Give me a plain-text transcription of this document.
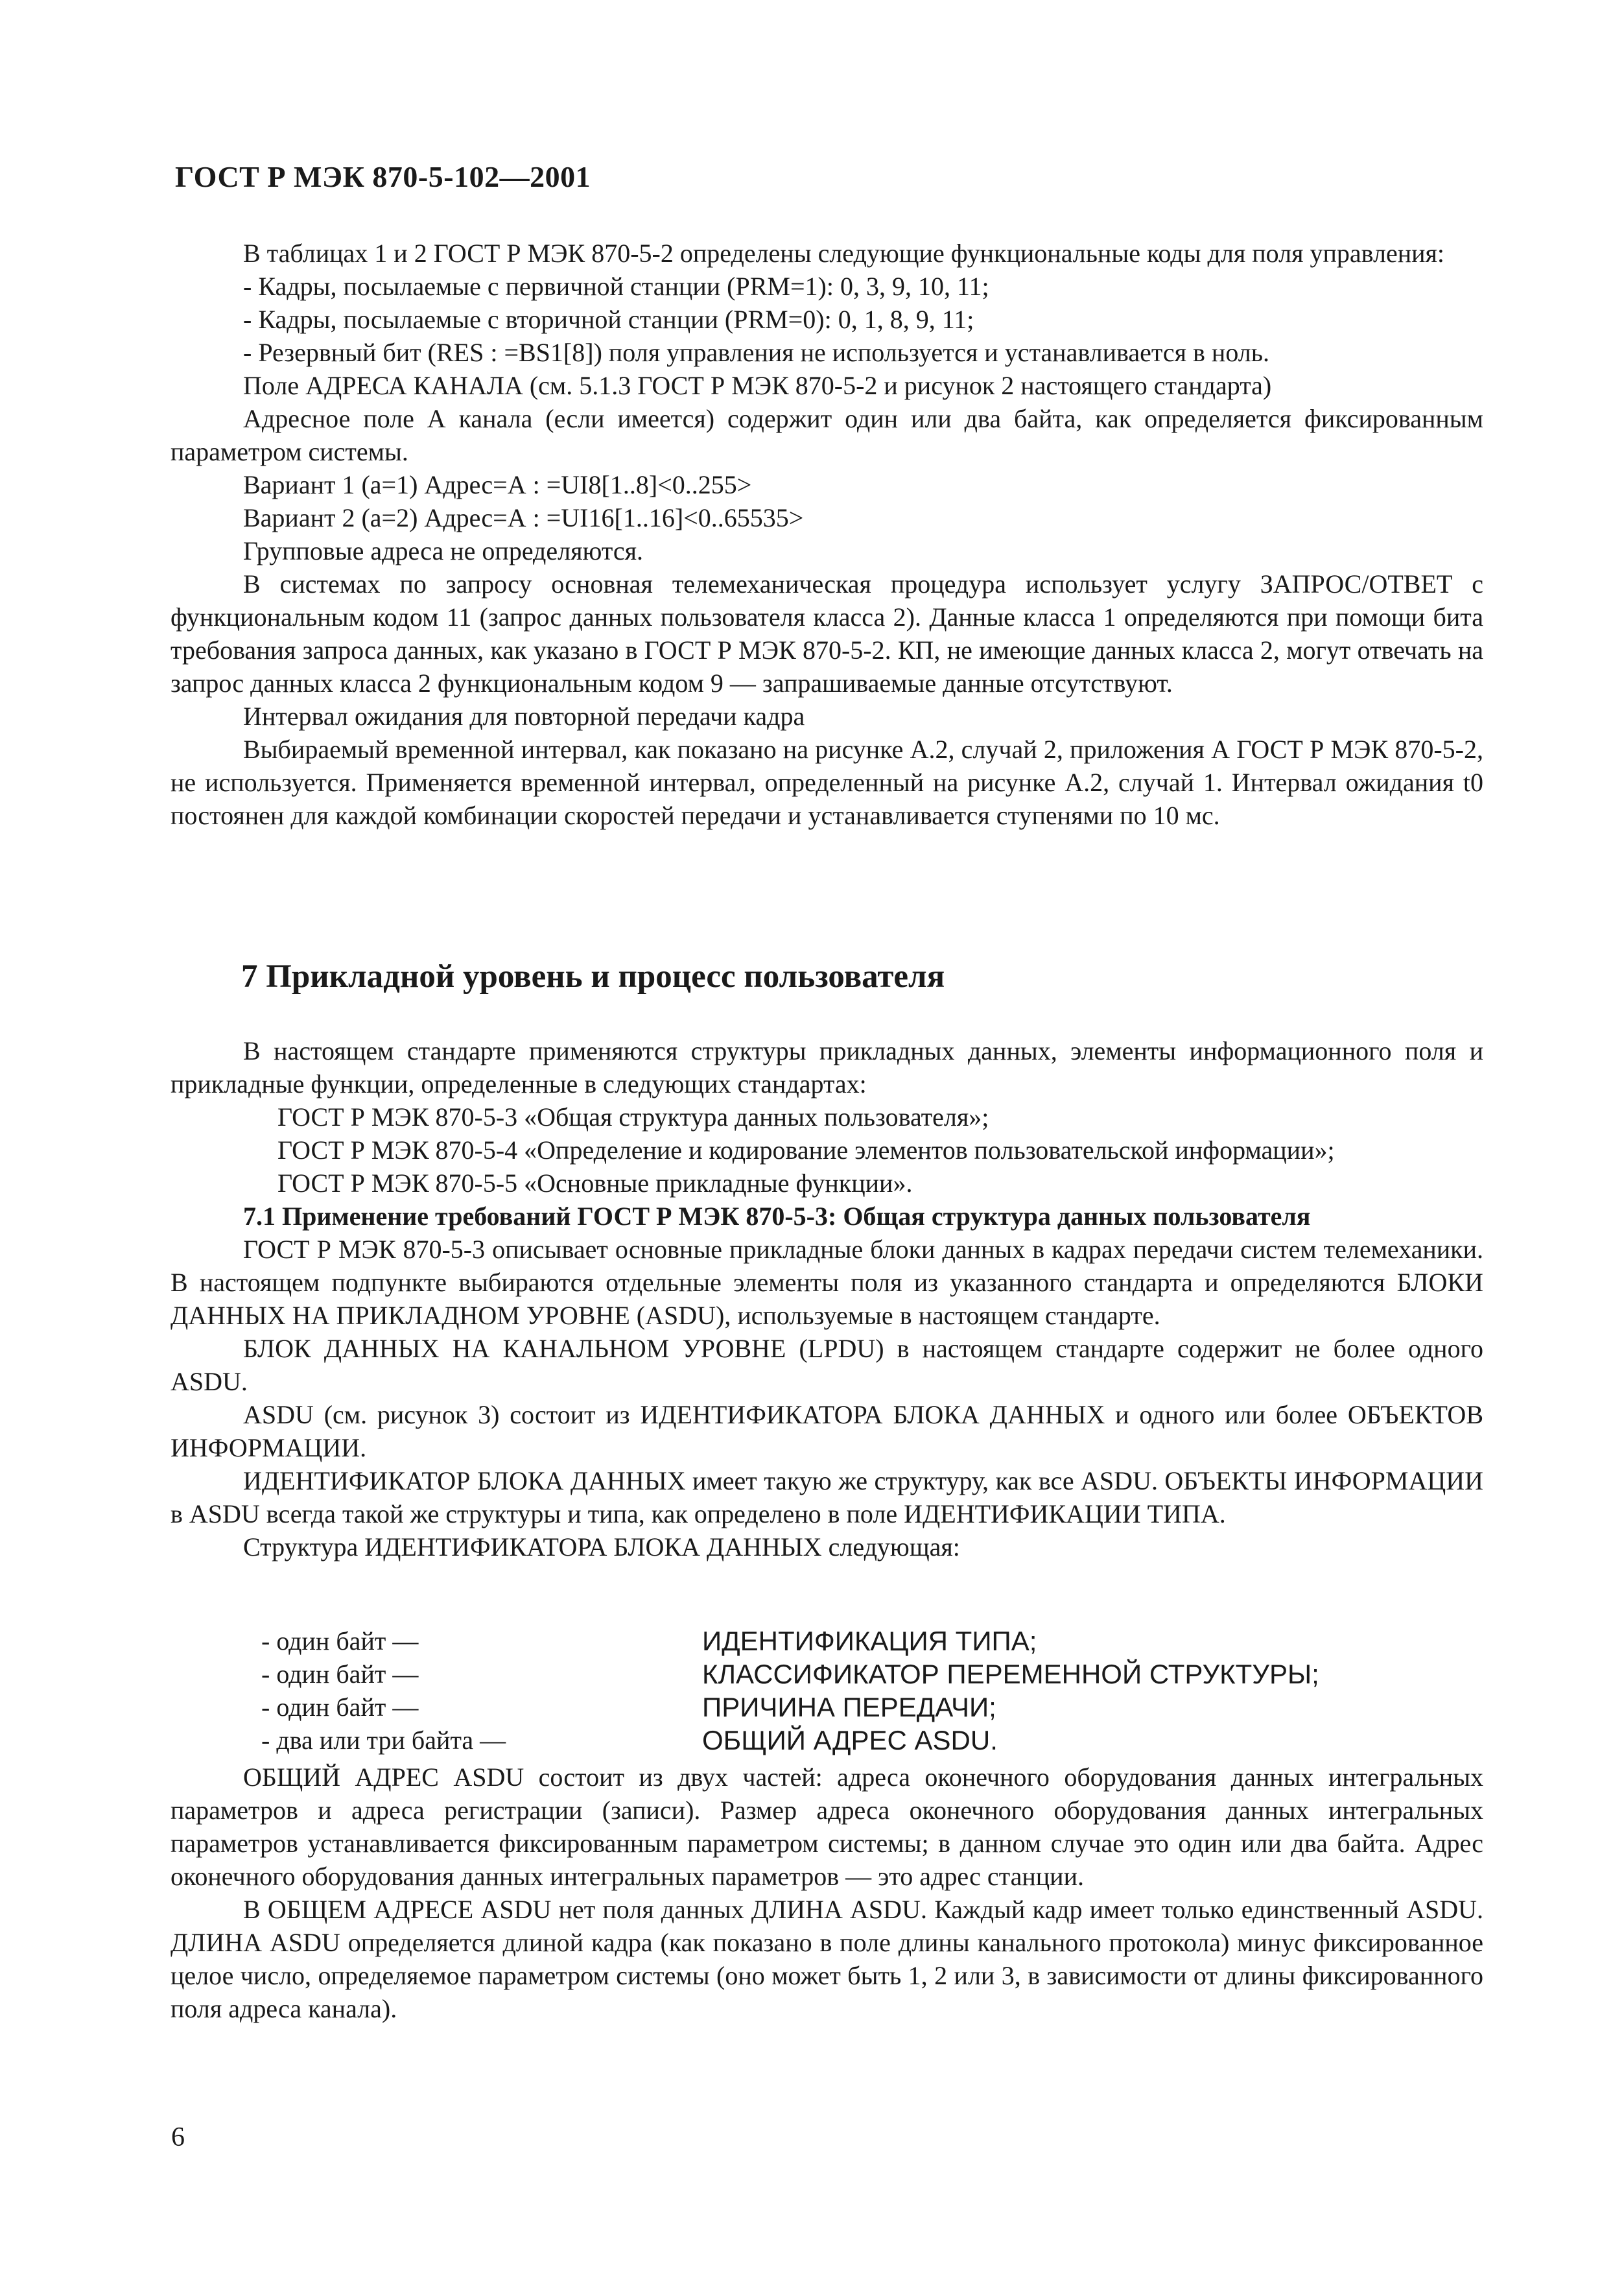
ГОСТ Р МЭК 870-5-102—2001

В таблицах 1 и 2 ГОСТ Р МЭК 870-5-2 определены следующие функциональные коды для поля управления:

- Кадры, посылаемые с первичной станции (PRM=1): 0, 3, 9, 10, 11;

- Кадры, посылаемые с вторичной станции (PRM=0): 0, 1, 8, 9, 11;

- Резервный бит (RES : =BS1[8]) поля управления не используется и устанавливается в ноль.

Поле АДРЕСА КАНАЛА (см. 5.1.3 ГОСТ Р МЭК 870-5-2 и рисунок 2 настоящего стандарта)

Адресное поле А канала (если имеется) содержит один или два байта, как определяется фиксированным параметром системы.

Вариант 1 (а=1) Адрес=А : =UI8[1..8]<0..255>

Вариант 2 (а=2) Адрес=А : =UI16[1..16]<0..65535>

Групповые адреса не определяются.

В системах по запросу основная телемеханическая процедура использует услугу ЗАПРОС/ОТВЕТ с функциональным кодом 11 (запрос данных пользователя класса 2). Данные класса 1 определяются при помощи бита требования запроса данных, как указано в ГОСТ Р МЭК 870-5-2. КП, не имеющие данных класса 2, могут отвечать на запрос данных класса 2 функциональным кодом 9 — запрашиваемые данные отсутствуют.

Интервал ожидания для повторной передачи кадра

Выбираемый временной интервал, как показано на рисунке А.2, случай 2, приложения А ГОСТ Р МЭК 870-5-2, не используется. Применяется временной интервал, определенный на рисунке А.2, случай 1. Интервал ожидания t0 постоянен для каждой комбинации скоростей передачи и устанавливается ступенями по 10 мс.

7 Прикладной уровень и процесс пользователя

В настоящем стандарте применяются структуры прикладных данных, элементы информационного поля и прикладные функции, определенные в следующих стандартах:

ГОСТ Р МЭК 870-5-3 «Общая структура данных пользователя»;

ГОСТ Р МЭК 870-5-4 «Определение и кодирование элементов пользовательской информации»;

ГОСТ Р МЭК 870-5-5 «Основные прикладные функции».

7.1 Применение требований ГОСТ Р МЭК 870-5-3: Общая структура данных пользователя

ГОСТ Р МЭК 870-5-3 описывает основные прикладные блоки данных в кадрах передачи систем телемеханики. В настоящем подпункте выбираются отдельные элементы поля из указанного стандарта и определяются БЛОКИ ДАННЫХ НА ПРИКЛАДНОМ УРОВНЕ (ASDU), используемые в настоящем стандарте.

БЛОК ДАННЫХ НА КАНАЛЬНОМ УРОВНЕ (LPDU) в настоящем стандарте содержит не более одного ASDU.

ASDU (см. рисунок 3) состоит из ИДЕНТИФИКАТОРА БЛОКА ДАННЫХ и одного или более ОБЪЕКТОВ ИНФОРМАЦИИ.

ИДЕНТИФИКАТОР БЛОКА ДАННЫХ имеет такую же структуру, как все ASDU. ОБЪЕКТЫ ИНФОРМАЦИИ в ASDU всегда такой же структуры и типа, как определено в поле ИДЕНТИФИКАЦИИ ТИПА.

Структура ИДЕНТИФИКАТОРА БЛОКА ДАННЫХ следующая:

- один байт —	ИДЕНТИФИКАЦИЯ ТИПА;
- один байт —	КЛАССИФИКАТОР ПЕРЕМЕННОЙ СТРУКТУРЫ;
- один байт —	ПРИЧИНА ПЕРЕДАЧИ;
- два или три байта —	ОБЩИЙ АДРЕС ASDU.

ОБЩИЙ АДРЕС ASDU состоит из двух частей: адреса оконечного оборудования данных интегральных параметров и адреса регистрации (записи). Размер адреса оконечного оборудования данных интегральных параметров устанавливается фиксированным параметром системы; в данном случае это один или два байта. Адрес оконечного оборудования данных интегральных параметров — это адрес станции.

В ОБЩЕМ АДРЕСЕ ASDU нет поля данных ДЛИНА ASDU. Каждый кадр имеет только единственный ASDU. ДЛИНА ASDU определяется длиной кадра (как показано в поле длины канального протокола) минус фиксированное целое число, определяемое параметром системы (оно может быть 1, 2 или 3, в зависимости от длины фиксированного поля адреса канала).

6
